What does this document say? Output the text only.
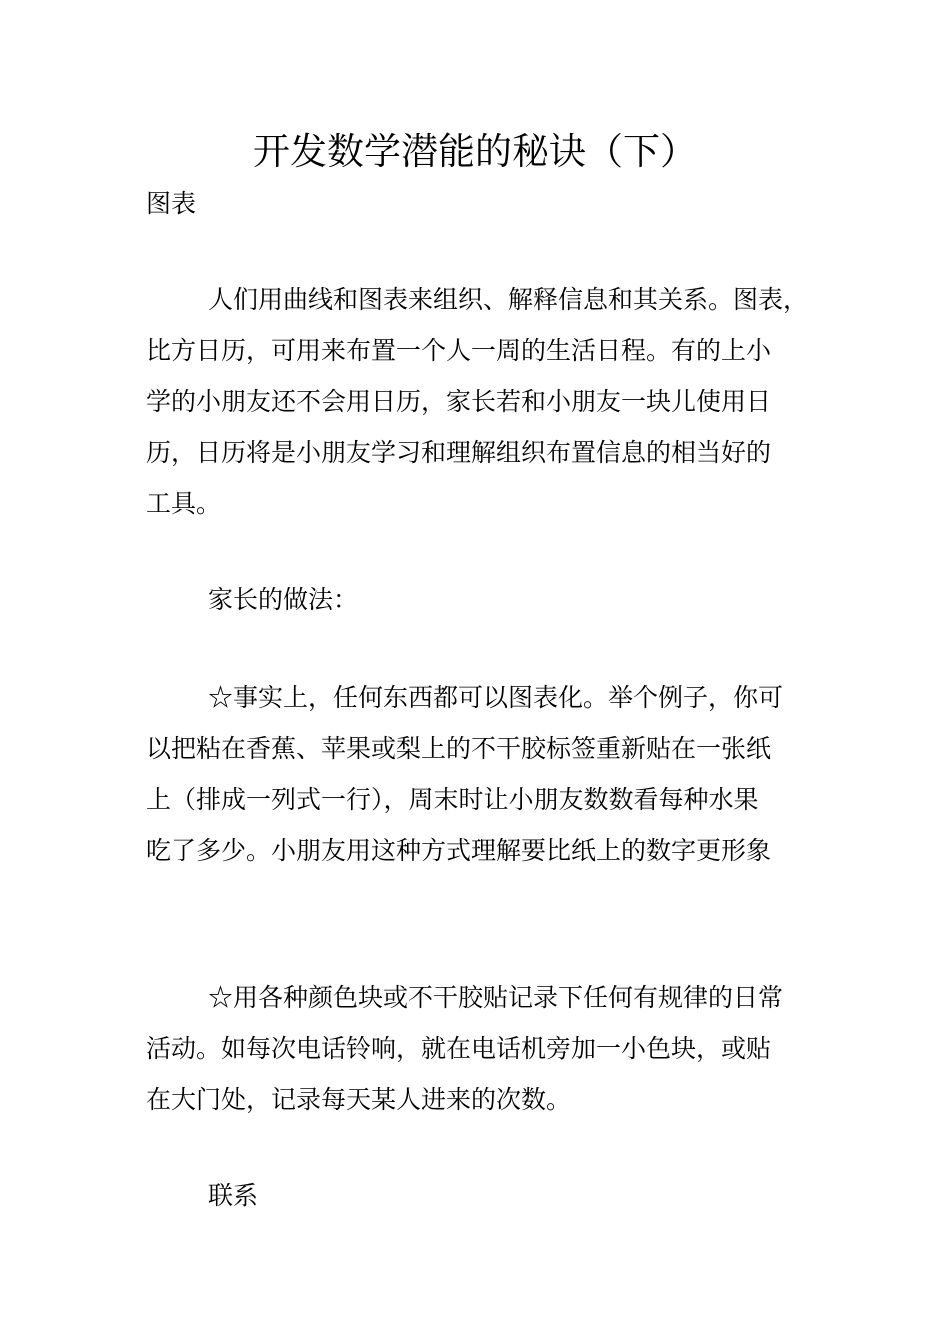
开发数学潜能的秘诀（下）
图表
人们用曲线和图表来组织、解释信息和其关系。图表，
比方日历，可用来布置一个人一周的生活日程。有的上小
学的小朋友还不会用日历，家长若和小朋友一块儿使用日
历，日历将是小朋友学习和理解组织布置信息的相当好的
工具。
家长的做法：
☆事实上，任何东西都可以图表化。举个例子，你可
以把粘在香蕉、苹果或梨上的不干胶标签重新贴在一张纸
上（排成一列式一行），周末时让小朋友数数看每种水果
吃了多少。小朋友用这种方式理解要比纸上的数字更形象
☆用各种颜色块或不干胶贴记录下任何有规律的日常
活动。如每次电话铃响，就在电话机旁加一小色块，或贴
在大门处，记录每天某人进来的次数。
联系
